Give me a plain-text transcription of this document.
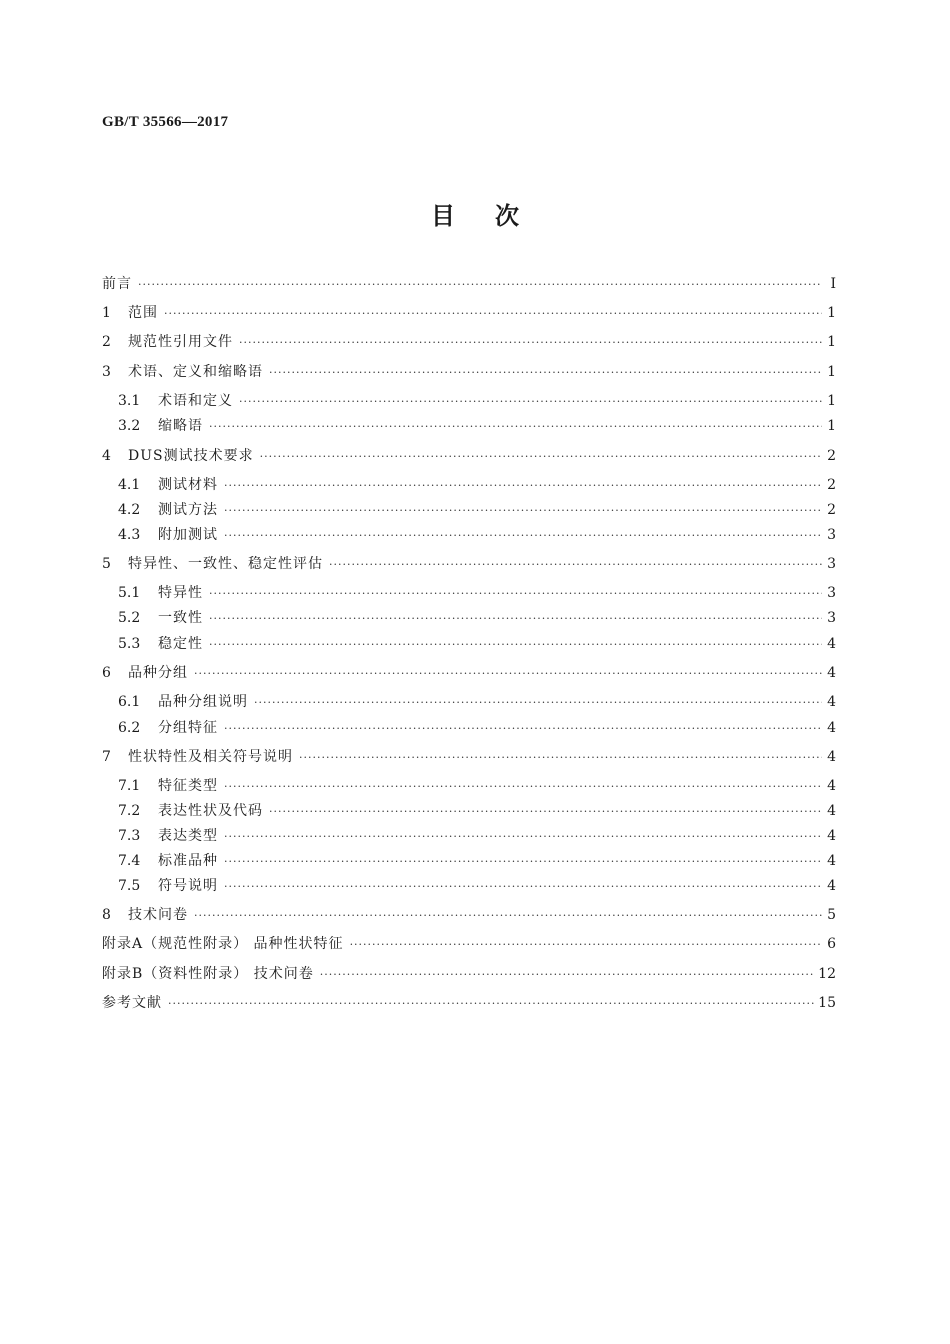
GB/T 35566—2017
目次
前言 ·····	Ⅰ
1	范围 ·····	1
2	规范性引用文件 ·····	1
3	术语、定义和缩略语 ·····	1
3.1	术语和定义 ·····	1
3.2	缩略语 ·····	1
4	DUS测试技术要求 ·····	2
4.1	测试材料 ·····	2
4.2	测试方法 ·····	2
4.3	附加测试 ·····	3
5	特异性、一致性、稳定性评估 ·····	3
5.1	特异性 ·····	3
5.2	一致性 ·····	3
5.3	稳定性 ·····	4
6	品种分组 ·····	4
6.1	品种分组说明 ·····	4
6.2	分组特征 ·····	4
7	性状特性及相关符号说明 ·····	4
7.1	特征类型 ·····	4
7.2	表达性状及代码 ·····	4
7.3	表达类型 ·····	4
7.4	标准品种 ·····	4
7.5	符号说明 ·····	4
8	技术问卷 ·····	5
附录A（规范性附录） 品种性状特征 ·····	6
附录B（资料性附录） 技术问卷 ·····	12
参考文献 ·····	15
